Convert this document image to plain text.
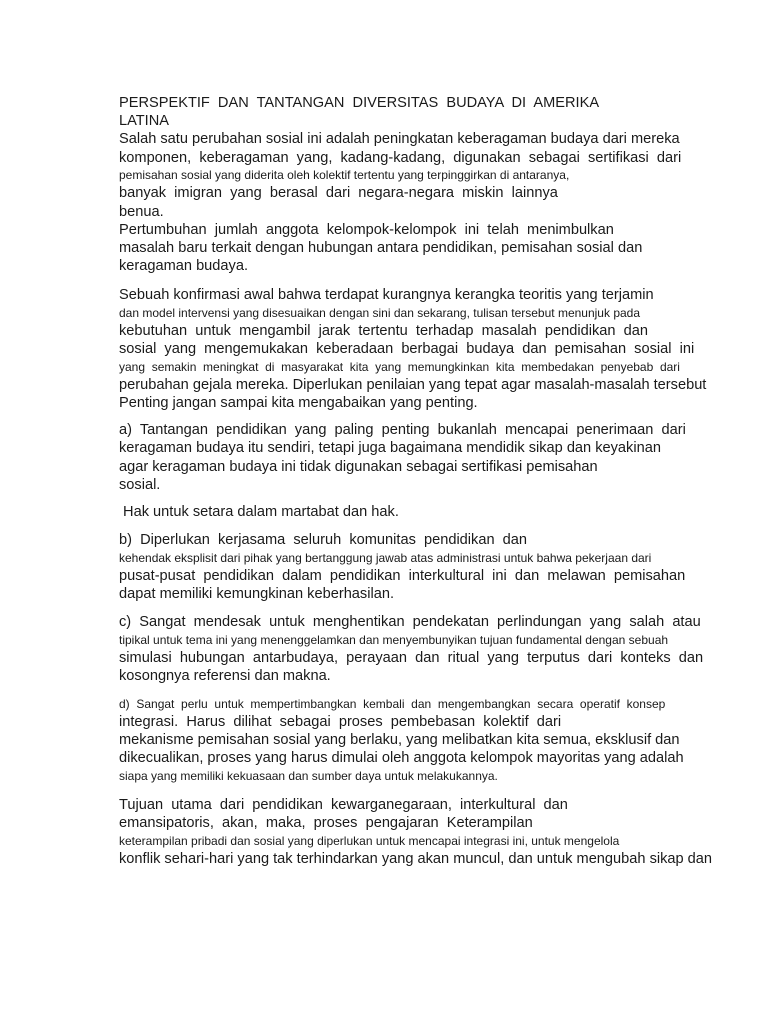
PERSPEKTIF  DAN  TANTANGAN  DIVERSITAS  BUDAYA  DI  AMERIKA
LATINA
Salah satu perubahan sosial ini adalah peningkatan keberagaman budaya dari mereka
komponen,  keberagaman  yang,  kadang-kadang,  digunakan  sebagai  sertifikasi  dari
pemisahan sosial yang diderita oleh kolektif tertentu yang terpinggirkan di antaranya,
banyak  imigran  yang  berasal  dari  negara-negara  miskin  lainnya
benua.
Pertumbuhan  jumlah  anggota  kelompok-kelompok  ini  telah  menimbulkan
masalah baru terkait dengan hubungan antara pendidikan, pemisahan sosial dan
keragaman budaya.
Sebuah konfirmasi awal bahwa terdapat kurangnya kerangka teoritis yang terjamin
dan model intervensi yang disesuaikan dengan sini dan sekarang, tulisan tersebut menunjuk pada
kebutuhan  untuk  mengambil  jarak  tertentu  terhadap  masalah  pendidikan  dan
sosial  yang  mengemukakan  keberadaan  berbagai  budaya  dan  pemisahan  sosial  ini
yang  semakin  meningkat  di  masyarakat  kita  yang  memungkinkan  kita  membedakan  penyebab  dari
perubahan gejala mereka. Diperlukan penilaian yang tepat agar masalah-masalah tersebut
Penting jangan sampai kita mengabaikan yang penting.
a)  Tantangan  pendidikan  yang  paling  penting  bukanlah  mencapai  penerimaan  dari
keragaman budaya itu sendiri, tetapi juga bagaimana mendidik sikap dan keyakinan
agar keragaman budaya ini tidak digunakan sebagai sertifikasi pemisahan
sosial.
Hak untuk setara dalam martabat dan hak.
b)  Diperlukan  kerjasama  seluruh  komunitas  pendidikan  dan
kehendak eksplisit dari pihak yang bertanggung jawab atas administrasi untuk bahwa pekerjaan dari
pusat-pusat  pendidikan  dalam  pendidikan  interkultural  ini  dan  melawan  pemisahan
dapat memiliki kemungkinan keberhasilan.
c)  Sangat  mendesak  untuk  menghentikan  pendekatan  perlindungan  yang  salah  atau
tipikal untuk tema ini yang menenggelamkan dan menyembunyikan tujuan fundamental dengan sebuah
simulasi  hubungan  antarbudaya,  perayaan  dan  ritual  yang  terputus  dari  konteks  dan
kosongnya referensi dan makna.
d)  Sangat  perlu  untuk  mempertimbangkan  kembali  dan  mengembangkan  secara  operatif  konsep
integrasi.  Harus  dilihat  sebagai  proses  pembebasan  kolektif  dari
mekanisme pemisahan sosial yang berlaku, yang melibatkan kita semua, eksklusif dan
dikecualikan, proses yang harus dimulai oleh anggota kelompok mayoritas yang adalah
siapa yang memiliki kekuasaan dan sumber daya untuk melakukannya.
Tujuan  utama  dari  pendidikan  kewarganegaraan,  interkultural  dan
emansipatoris,  akan,  maka,  proses  pengajaran  Keterampilan
keterampilan pribadi dan sosial yang diperlukan untuk mencapai integrasi ini, untuk mengelola
konflik sehari-hari yang tak terhindarkan yang akan muncul, dan untuk mengubah sikap dan
